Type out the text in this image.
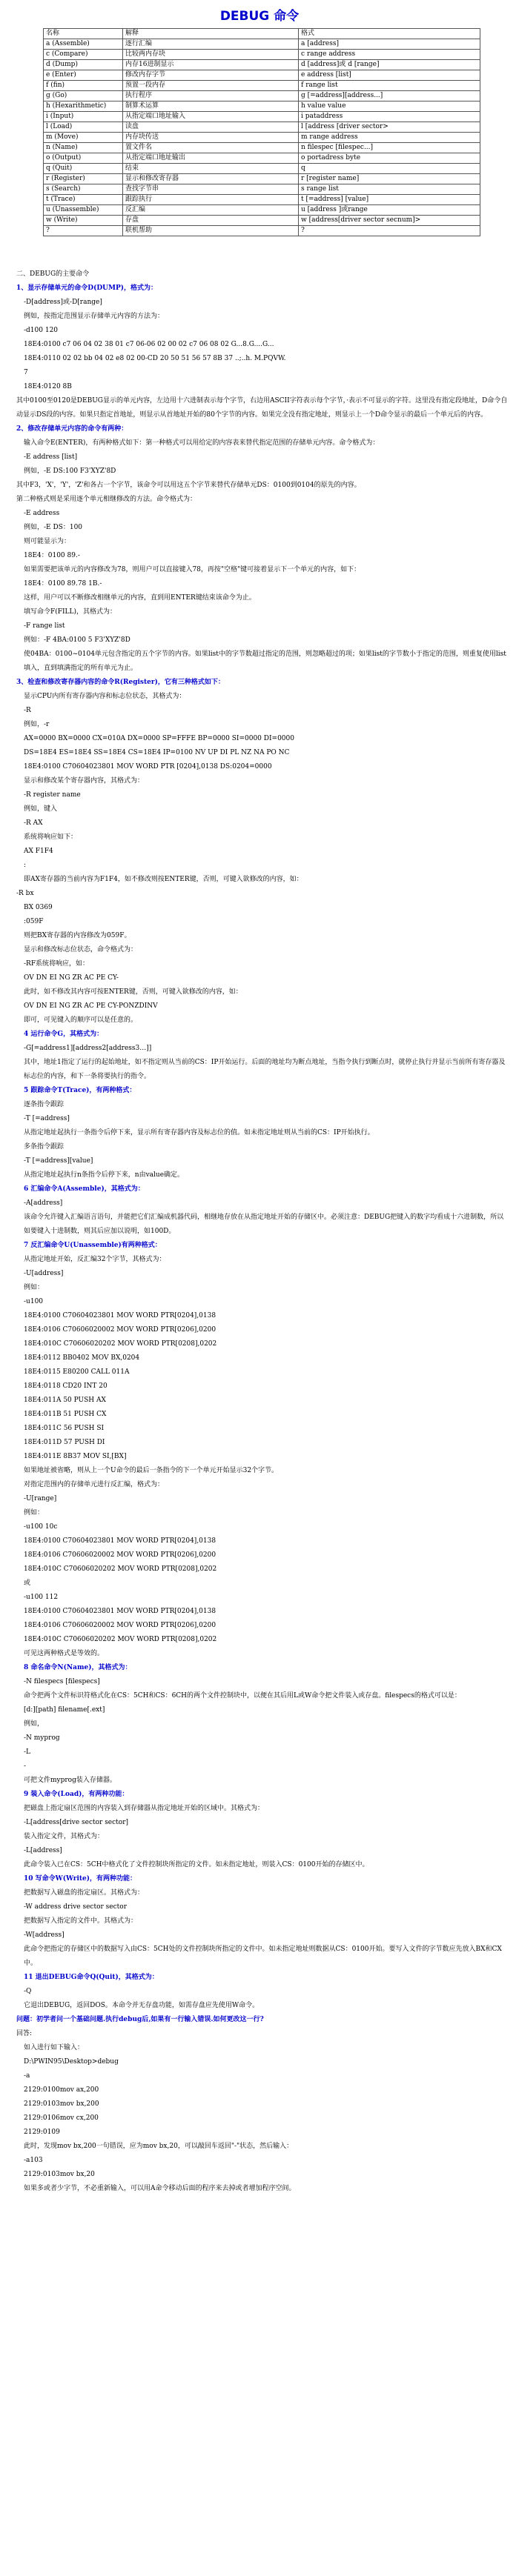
DEBUG 命令
名称	解释	格式
a (Assemble)	逐行汇编	a [address]
c (Compare)	比较两内存块	c range address
d (Dump)	内存16进制显示	d [address]或 d [range]
e (Enter)	修改内存字节	e address [list]
f (fin)	预置一段内存	f range list
g (Go)	执行程序	g [=address][address...]
h (Hexarithmetic)	制算术运算	h value value
i (Input)	从指定端口地址输入	i pataddress
l (Load)	读盘	l [address [driver sector>
m (Move)	内存块传送	m range address
n (Name)	置文件名	n filespec [filespec...]
o (Output)	从指定端口地址输出	o portadress byte
q (Quit)	结束	q
r (Register)	显示和修改寄存器	r [register name]
s (Search)	查找字节串	s range list
t (Trace)	跟踪执行	t [=address] [value]
u (Unassemble)	反汇编	u [address ]或range
w (Write)	存盘	w [address[driver sector secnum]>
?	联机帮助	?

二、DEBUG的主要命令

1、显示存储单元的命令D(DUMP)，格式为：

-D[address]或-D[range]

例如，按指定范围显示存储单元内容的方法为：

-d100 120

18E4:0100 c7 06 04 02 38 01 c7 06-06 02 00 02 c7 06 08 02 G...8.G....G...

18E4:0110 02 02 bb 04 02 e8 02 00-CD 20 50 51 56 57 8B 37 ..;..h. M.PQVW.

7

18E4:0120 8B

其中0100至0120是DEBUG显示的单元内容，左边用十六进制表示每个字节，右边用ASCII字符表示每个字节，·表示不可显示的字符。这里没有指定段地址，D命令自动显示DS段的内容。如果只指定首地址，则显示从首地址开始的80个字节的内容。如果完全没有指定地址，则显示上一个D命令显示的最后一个单元后的内容。

2、修改存储单元内容的命令有两种：

输入命令E(ENTER)，有两种格式如下：第一种格式可以用给定的内容表来替代指定范围的存储单元内容。命令格式为：

-E address [list]

例如，-E DS:100 F3'XYZ'8D

其中F3，'X'，'Y'，'Z'和各占一个字节，该命令可以用这五个字节来替代存储单元DS：0100到0104的原先的内容。

第二种格式则是采用逐个单元相继修改的方法。命令格式为：

-E address

例如，-E DS：100

则可能显示为：

18E4：0100 89.-

如果需要把该单元的内容修改为78，则用户可以直接键入78，再按"空格"键可接着显示下一个单元的内容，如下：

18E4：0100 89.78 1B.-

这样，用户可以不断修改相继单元的内容，直到用ENTER键结束该命令为止。

填写命令F(FILL)，其格式为：

-F range list

例如：-F 4BA:0100 5 F3'XYZ'8D

使04BA：0100~0104单元包含指定的五个字节的内容。如果list中的字节数超过指定的范围，则忽略超过的项；如果list的字节数小于指定的范围，则重复使用list填入，直到填满指定的所有单元为止。

3、检查和修改寄存器内容的命令R(Register)，它有三种格式如下：

显示CPU内所有寄存器内容和标志位状态，其格式为：

-R

例如，-r

AX=0000 BX=0000 CX=010A DX=0000 SP=FFFE BP=0000 SI=0000 DI=0000

DS=18E4 ES=18E4 SS=18E4 CS=18E4 IP=0100 NV UP DI PL NZ NA PO NC

18E4:0100 C70604023801 MOV WORD PTR [0204],0138 DS:0204=0000

显示和修改某个寄存器内容，其格式为：

-R register name

例如，键入

-R AX

系统将响应如下：

AX F1F4

:

即AX寄存器的当前内容为F1F4，如不修改则按ENTER键，否则，可键入欲修改的内容，如：

-R bx

BX 0369

:059F

则把BX寄存器的内容修改为059F。

显示和修改标志位状态，命令格式为：

-RF系统将响应，如：

OV DN EI NG ZR AC PE CY-

此时，如不修改其内容可按ENTER键，否则，可键入欲修改的内容，如：

OV DN EI NG ZR AC PE CY-PONZDINV

即可，可见键入的顺序可以是任意的。

4 运行命令G，其格式为：

-G[=address1][address2[address3…]]

其中，地址1指定了运行的起始地址，如不指定则从当前的CS：IP开始运行。后面的地址均为断点地址，当指令执行到断点时，就停止执行并显示当前所有寄存器及标志位的内容，和下一条将要执行的指令。

5 跟踪命令T(Trace)，有两种格式：

逐条指令跟踪

-T [=address]

从指定地址起执行一条指令后停下来，显示所有寄存器内容及标志位的值。如未指定地址则从当前的CS：IP开始执行。

多条指令跟踪

-T [=address][value]

从指定地址起执行n条指令后停下来，n由value确定。

6 汇编命令A(Assemble)，其格式为：

-A[address]

该命令允许键入汇编语言语句，并能把它们汇编成机器代码，相继地存放在从指定地址开始的存储区中。必须注意：DEBUG把键入的数字均看成十六进制数，所以如要键入十进制数，则其后应加以说明，如100D。

7 反汇编命令U(Unassemble)有两种格式：

从指定地址开始，反汇编32个字节，其格式为：

-U[address]

例如：

-u100

18E4:0100 C70604023801 MOV WORD PTR[0204],0138

18E4:0106 C70606020002 MOV WORD PTR[0206],0200

18E4:010C C70606020202 MOV WORD PTR[0208],0202

18E4:0112 BB0402 MOV BX,0204

18E4:0115 E80200 CALL 011A

18E4:0118 CD20 INT 20

18E4:011A 50 PUSH AX

18E4:011B 51 PUSH CX

18E4:011C 56 PUSH SI

18E4:011D 57 PUSH DI

18E4:011E 8B37 MOV SI,[BX]

如果地址被省略，则从上一个U命令的最后一条指令的下一个单元开始显示32个字节。

对指定范围内的存储单元进行反汇编，格式为：

-U[range]

例如：

-u100 10c

18E4:0100 C70604023801 MOV WORD PTR[0204],0138

18E4:0106 C70606020002 MOV WORD PTR[0206],0200

18E4:010C C70606020202 MOV WORD PTR[0208],0202

或

-u100 112

18E4:0100 C70604023801 MOV WORD PTR[0204],0138

18E4:0106 C70606020002 MOV WORD PTR[0206],0200

18E4:010C C70606020202 MOV WORD PTR[0208],0202

可见这两种格式是等效的。

8 命名命令N(Name)，其格式为：

-N filespecs [filespecs]

命令把两个文件标识符格式化在CS：5CH和CS：6CH的两个文件控制块中，以便在其后用L或W命令把文件装入或存盘。filespecs的格式可以是：

[d:][path] filename[.ext]

例如，

-N myprog

-L

-

可把文件myprog装入存储器。

9 装入命令(Load)，有两种功能：

把磁盘上指定扇区范围的内容装入到存储器从指定地址开始的区域中。其格式为：

-L[address[drive sector sector]

装入指定文件，其格式为：

-L[address]

此命令装入已在CS：5CH中格式化了文件控制块所指定的文件。如未指定地址，则装入CS：0100开始的存储区中。

10 写命令W(Write)，有两种功能：

把数据写入磁盘的指定扇区。其格式为：

-W address drive sector sector

把数据写入指定的文件中。其格式为：

-W[address]

此命令把指定的存储区中的数据写入由CS：5CH处的文件控制块所指定的文件中。如未指定地址则数据从CS：0100开始。要写入文件的字节数应先放入BX和CX中。

11 退出DEBUG命令Q(Quit)，其格式为：

-Q

它退出DEBUG，返回DOS。本命令并无存盘功能，如需存盘应先使用W命令。

问题：初学者问一个基础问题.执行debug后,如果有一行输入错误.如何更改这一行?

回答:

如入进行如下输入：

D:\PWIN95\Desktop>debug

-a

2129:0100mov ax,200

2129:0103mov bx,200

2129:0106mov cx,200

2129:0109

此时，发现mov bx,200一句错误，应为mov bx,20，可以敲回车返回"-"状态，然后输入：

-a103

2129:0103mov bx,20

如果多或者少字节，不必重新输入，可以用A命令移动后面的程序来去掉或者增加程序空间。
